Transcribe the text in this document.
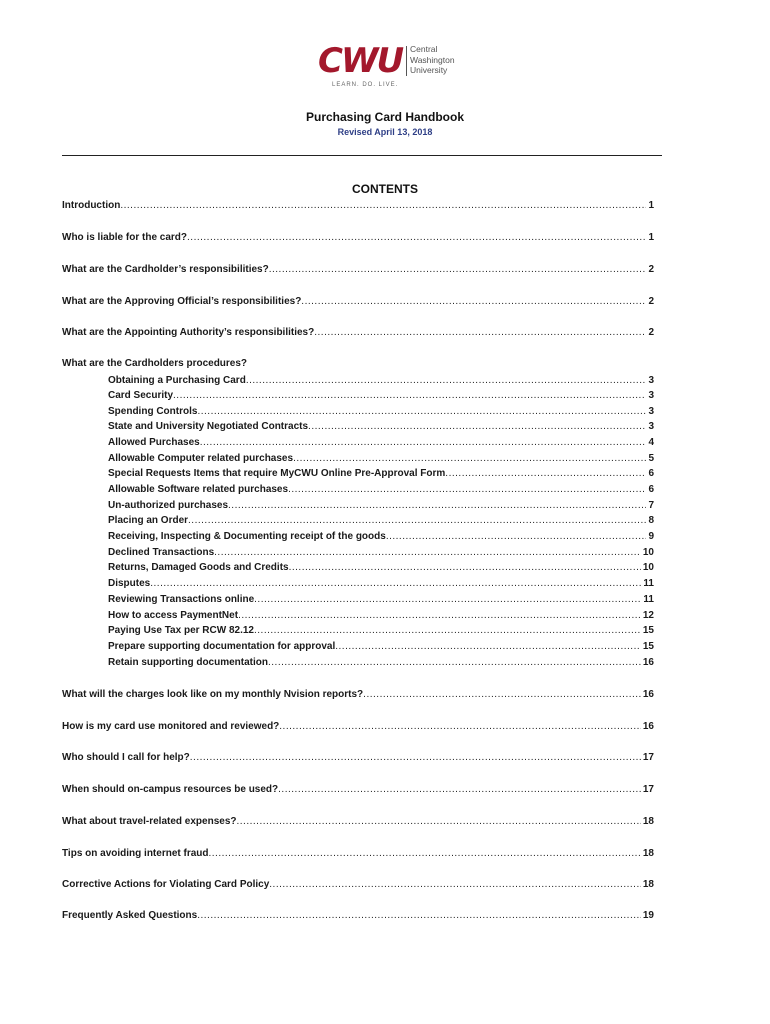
CWU Central
Washington
University
LEARN. DO. LIVE.
Purchasing Card Handbook
Revised April 13, 2018
CONTENTS
Introduction .....	1
Who is liable for the card? .....	1
What are the Cardholder’s responsibilities? .....	2
What are the Approving Official’s responsibilities? .....	2
What are the Appointing Authority’s responsibilities? .....	2
What are the Cardholders procedures?
Obtaining a Purchasing Card .....	3
Card Security .....	3
Spending Controls .....	3
State and University Negotiated Contracts .....	3
Allowed Purchases .....	4
Allowable Computer related purchases .....	5
Special Requests Items that require MyCWU Online Pre-Approval Form .....	6
Allowable Software related purchases .....	6
Un-authorized purchases .....	7
Placing an Order .....	8
Receiving, Inspecting & Documenting receipt of the goods .....	9
Declined Transactions .....	10
Returns, Damaged Goods and Credits .....	10
Disputes .....	11
Reviewing Transactions online .....	11
How to access PaymentNet .....	12
Paying Use Tax per RCW 82.12 .....	15
Prepare supporting documentation for approval .....	15
Retain supporting documentation .....	16
What will the charges look like on my monthly Nvision reports? .....	16
How is my card use monitored and reviewed? .....	16
Who should I call for help? .....	17
When should on-campus resources be used? .....	17
What about travel-related expenses? .....	18
Tips on avoiding internet fraud .....	18
Corrective Actions for Violating Card Policy .....	18
Frequently Asked Questions .....	19
